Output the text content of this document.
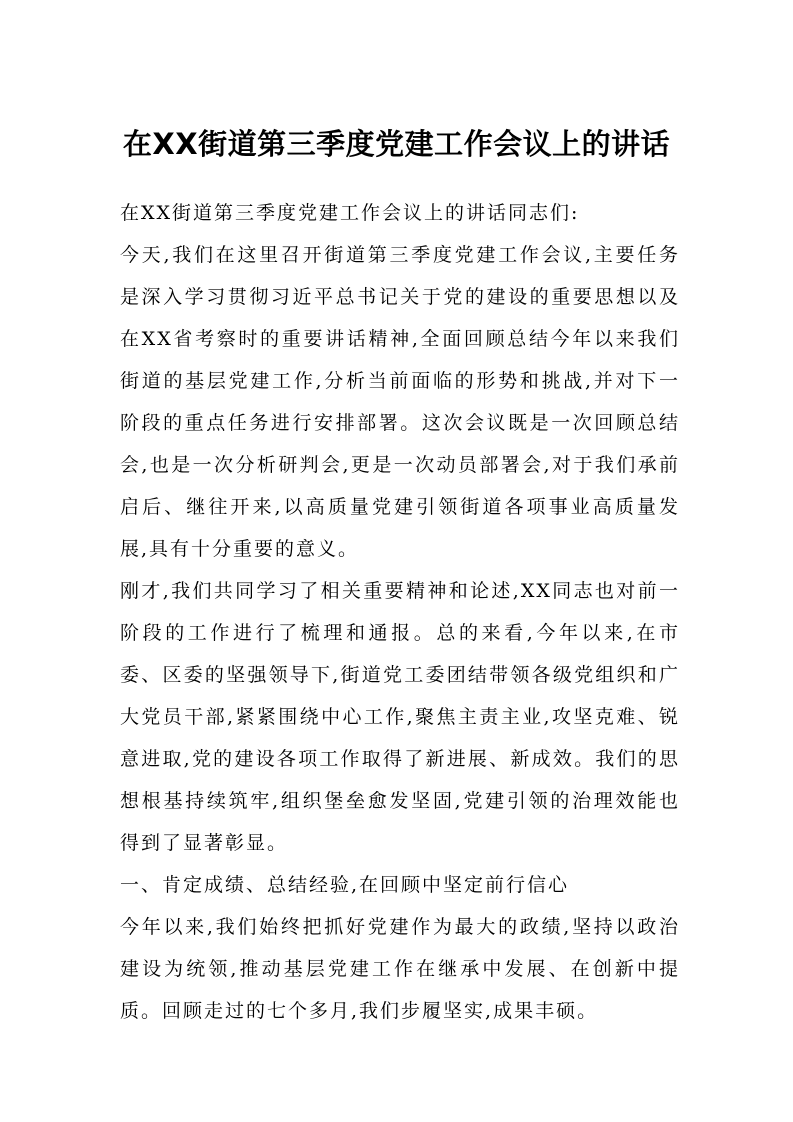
在XX街道第三季度党建工作会议上的讲话

在XX街道第三季度党建工作会议上的讲话同志们:

今天,我们在这里召开街道第三季度党建工作会议,主要任务是深入学习贯彻习近平总书记关于党的建设的重要思想以及在XX省考察时的重要讲话精神,全面回顾总结今年以来我们街道的基层党建工作,分析当前面临的形势和挑战,并对下一阶段的重点任务进行安排部署。这次会议既是一次回顾总结会,也是一次分析研判会,更是一次动员部署会,对于我们承前启后、继往开来,以高质量党建引领街道各项事业高质量发展,具有十分重要的意义。

刚才,我们共同学习了相关重要精神和论述,XX同志也对前一阶段的工作进行了梳理和通报。总的来看,今年以来,在市委、区委的坚强领导下,街道党工委团结带领各级党组织和广大党员干部,紧紧围绕中心工作,聚焦主责主业,攻坚克难、锐意进取,党的建设各项工作取得了新进展、新成效。我们的思想根基持续筑牢,组织堡垒愈发坚固,党建引领的治理效能也得到了显著彰显。

一、肯定成绩、总结经验,在回顾中坚定前行信心

今年以来,我们始终把抓好党建作为最大的政绩,坚持以政治建设为统领,推动基层党建工作在继承中发展、在创新中提质。回顾走过的七个多月,我们步履坚实,成果丰硕。
